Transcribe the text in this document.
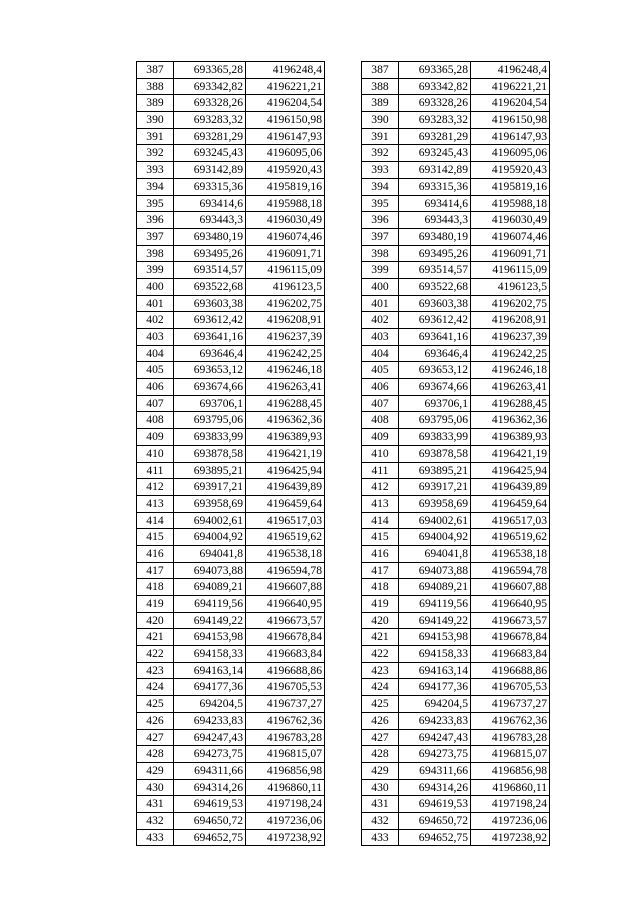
387	693365,28	4196248,4
388	693342,82	4196221,21
389	693328,26	4196204,54
390	693283,32	4196150,98
391	693281,29	4196147,93
392	693245,43	4196095,06
393	693142,89	4195920,43
394	693315,36	4195819,16
395	693414,6	4195988,18
396	693443,3	4196030,49
397	693480,19	4196074,46
398	693495,26	4196091,71
399	693514,57	4196115,09
400	693522,68	4196123,5
401	693603,38	4196202,75
402	693612,42	4196208,91
403	693641,16	4196237,39
404	693646,4	4196242,25
405	693653,12	4196246,18
406	693674,66	4196263,41
407	693706,1	4196288,45
408	693795,06	4196362,36
409	693833,99	4196389,93
410	693878,58	4196421,19
411	693895,21	4196425,94
412	693917,21	4196439,89
413	693958,69	4196459,64
414	694002,61	4196517,03
415	694004,92	4196519,62
416	694041,8	4196538,18
417	694073,88	4196594,78
418	694089,21	4196607,88
419	694119,56	4196640,95
420	694149,22	4196673,57
421	694153,98	4196678,84
422	694158,33	4196683,84
423	694163,14	4196688,86
424	694177,36	4196705,53
425	694204,5	4196737,27
426	694233,83	4196762,36
427	694247,43	4196783,28
428	694273,75	4196815,07
429	694311,66	4196856,98
430	694314,26	4196860,11
431	694619,53	4197198,24
432	694650,72	4197236,06
433	694652,75	4197238,92
387	693365,28	4196248,4
388	693342,82	4196221,21
389	693328,26	4196204,54
390	693283,32	4196150,98
391	693281,29	4196147,93
392	693245,43	4196095,06
393	693142,89	4195920,43
394	693315,36	4195819,16
395	693414,6	4195988,18
396	693443,3	4196030,49
397	693480,19	4196074,46
398	693495,26	4196091,71
399	693514,57	4196115,09
400	693522,68	4196123,5
401	693603,38	4196202,75
402	693612,42	4196208,91
403	693641,16	4196237,39
404	693646,4	4196242,25
405	693653,12	4196246,18
406	693674,66	4196263,41
407	693706,1	4196288,45
408	693795,06	4196362,36
409	693833,99	4196389,93
410	693878,58	4196421,19
411	693895,21	4196425,94
412	693917,21	4196439,89
413	693958,69	4196459,64
414	694002,61	4196517,03
415	694004,92	4196519,62
416	694041,8	4196538,18
417	694073,88	4196594,78
418	694089,21	4196607,88
419	694119,56	4196640,95
420	694149,22	4196673,57
421	694153,98	4196678,84
422	694158,33	4196683,84
423	694163,14	4196688,86
424	694177,36	4196705,53
425	694204,5	4196737,27
426	694233,83	4196762,36
427	694247,43	4196783,28
428	694273,75	4196815,07
429	694311,66	4196856,98
430	694314,26	4196860,11
431	694619,53	4197198,24
432	694650,72	4197236,06
433	694652,75	4197238,92
